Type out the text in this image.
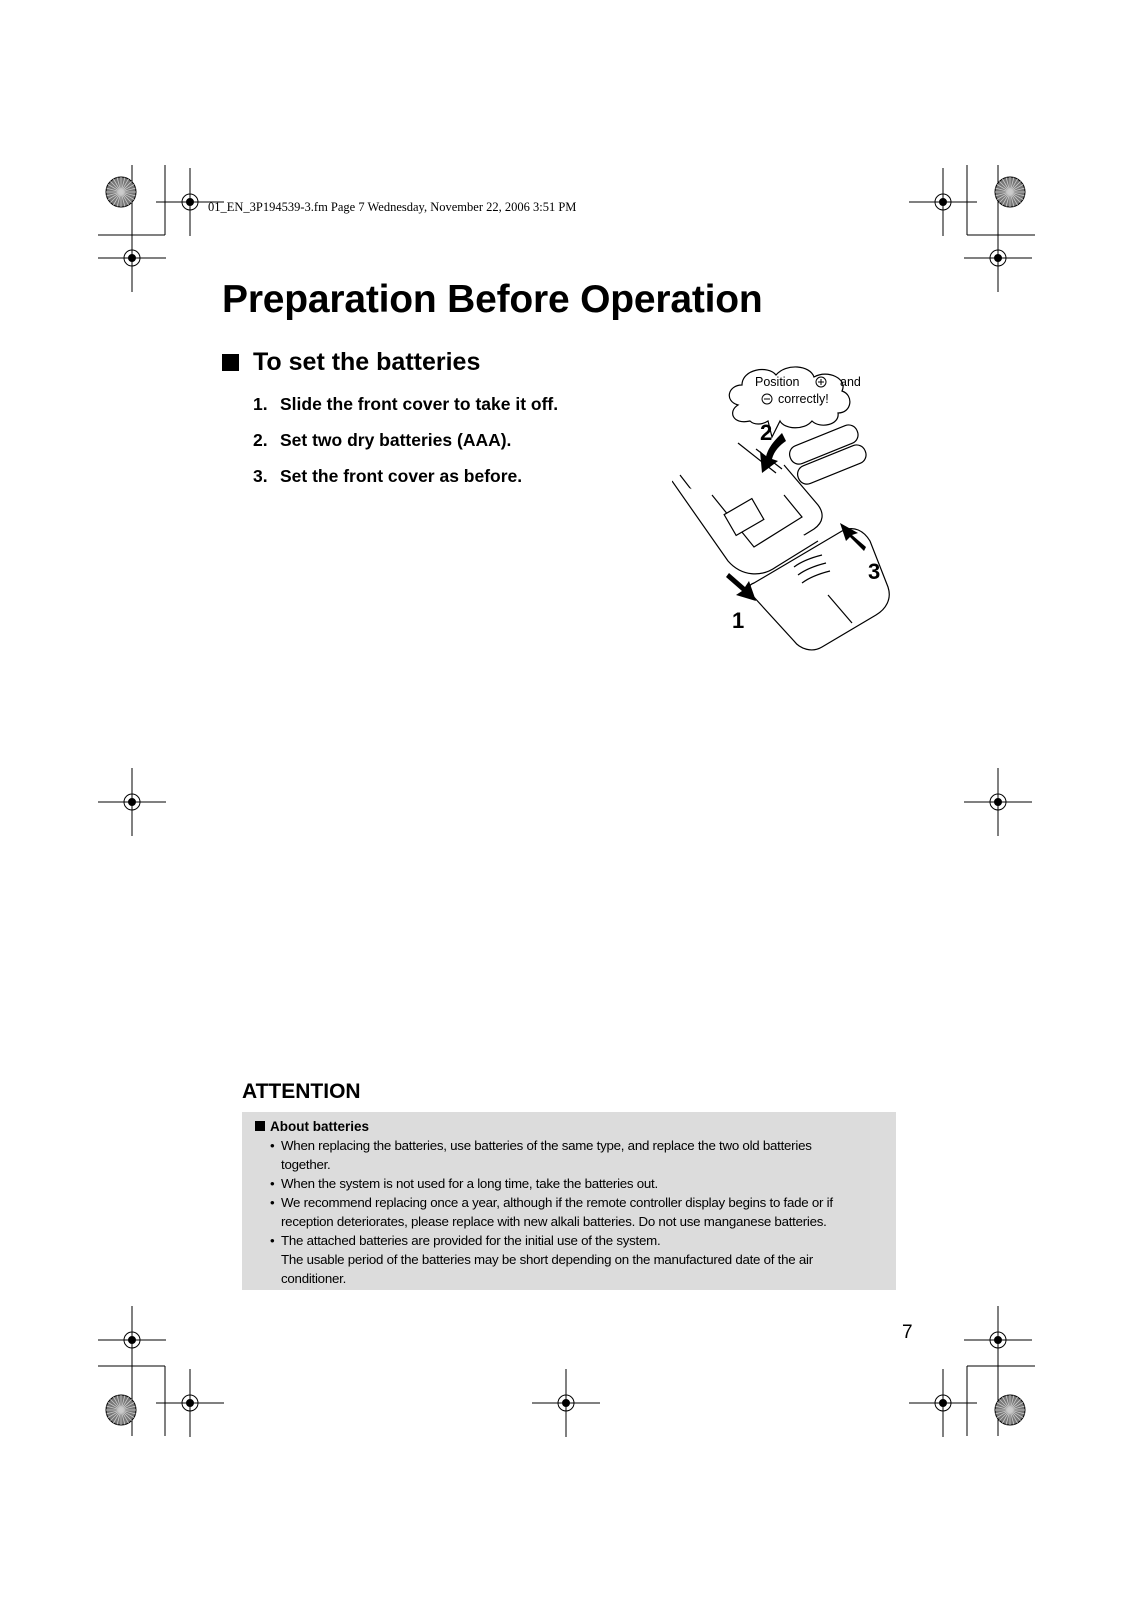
01_EN_3P194539-3.fm Page 7 Wednesday, November 22, 2006 3:51 PM
Preparation Before Operation
To set the batteries
1. Slide the front cover to take it off.
2. Set two dry batteries (AAA).
3. Set the front cover as before.
Position	and
correctly!
1
2
3
ATTENTION
About batteries
• When replacing the batteries, use batteries of the same type, and replace the two old batteries
together.
• When the system is not used for a long time, take the batteries out.
• We recommend replacing once a year, although if the remote controller display begins to fade or if
reception deteriorates, please replace with new alkali batteries. Do not use manganese batteries.
• The attached batteries are provided for the initial use of the system.
The usable period of the batteries may be short depending on the manufactured date of the air
conditioner.
7
